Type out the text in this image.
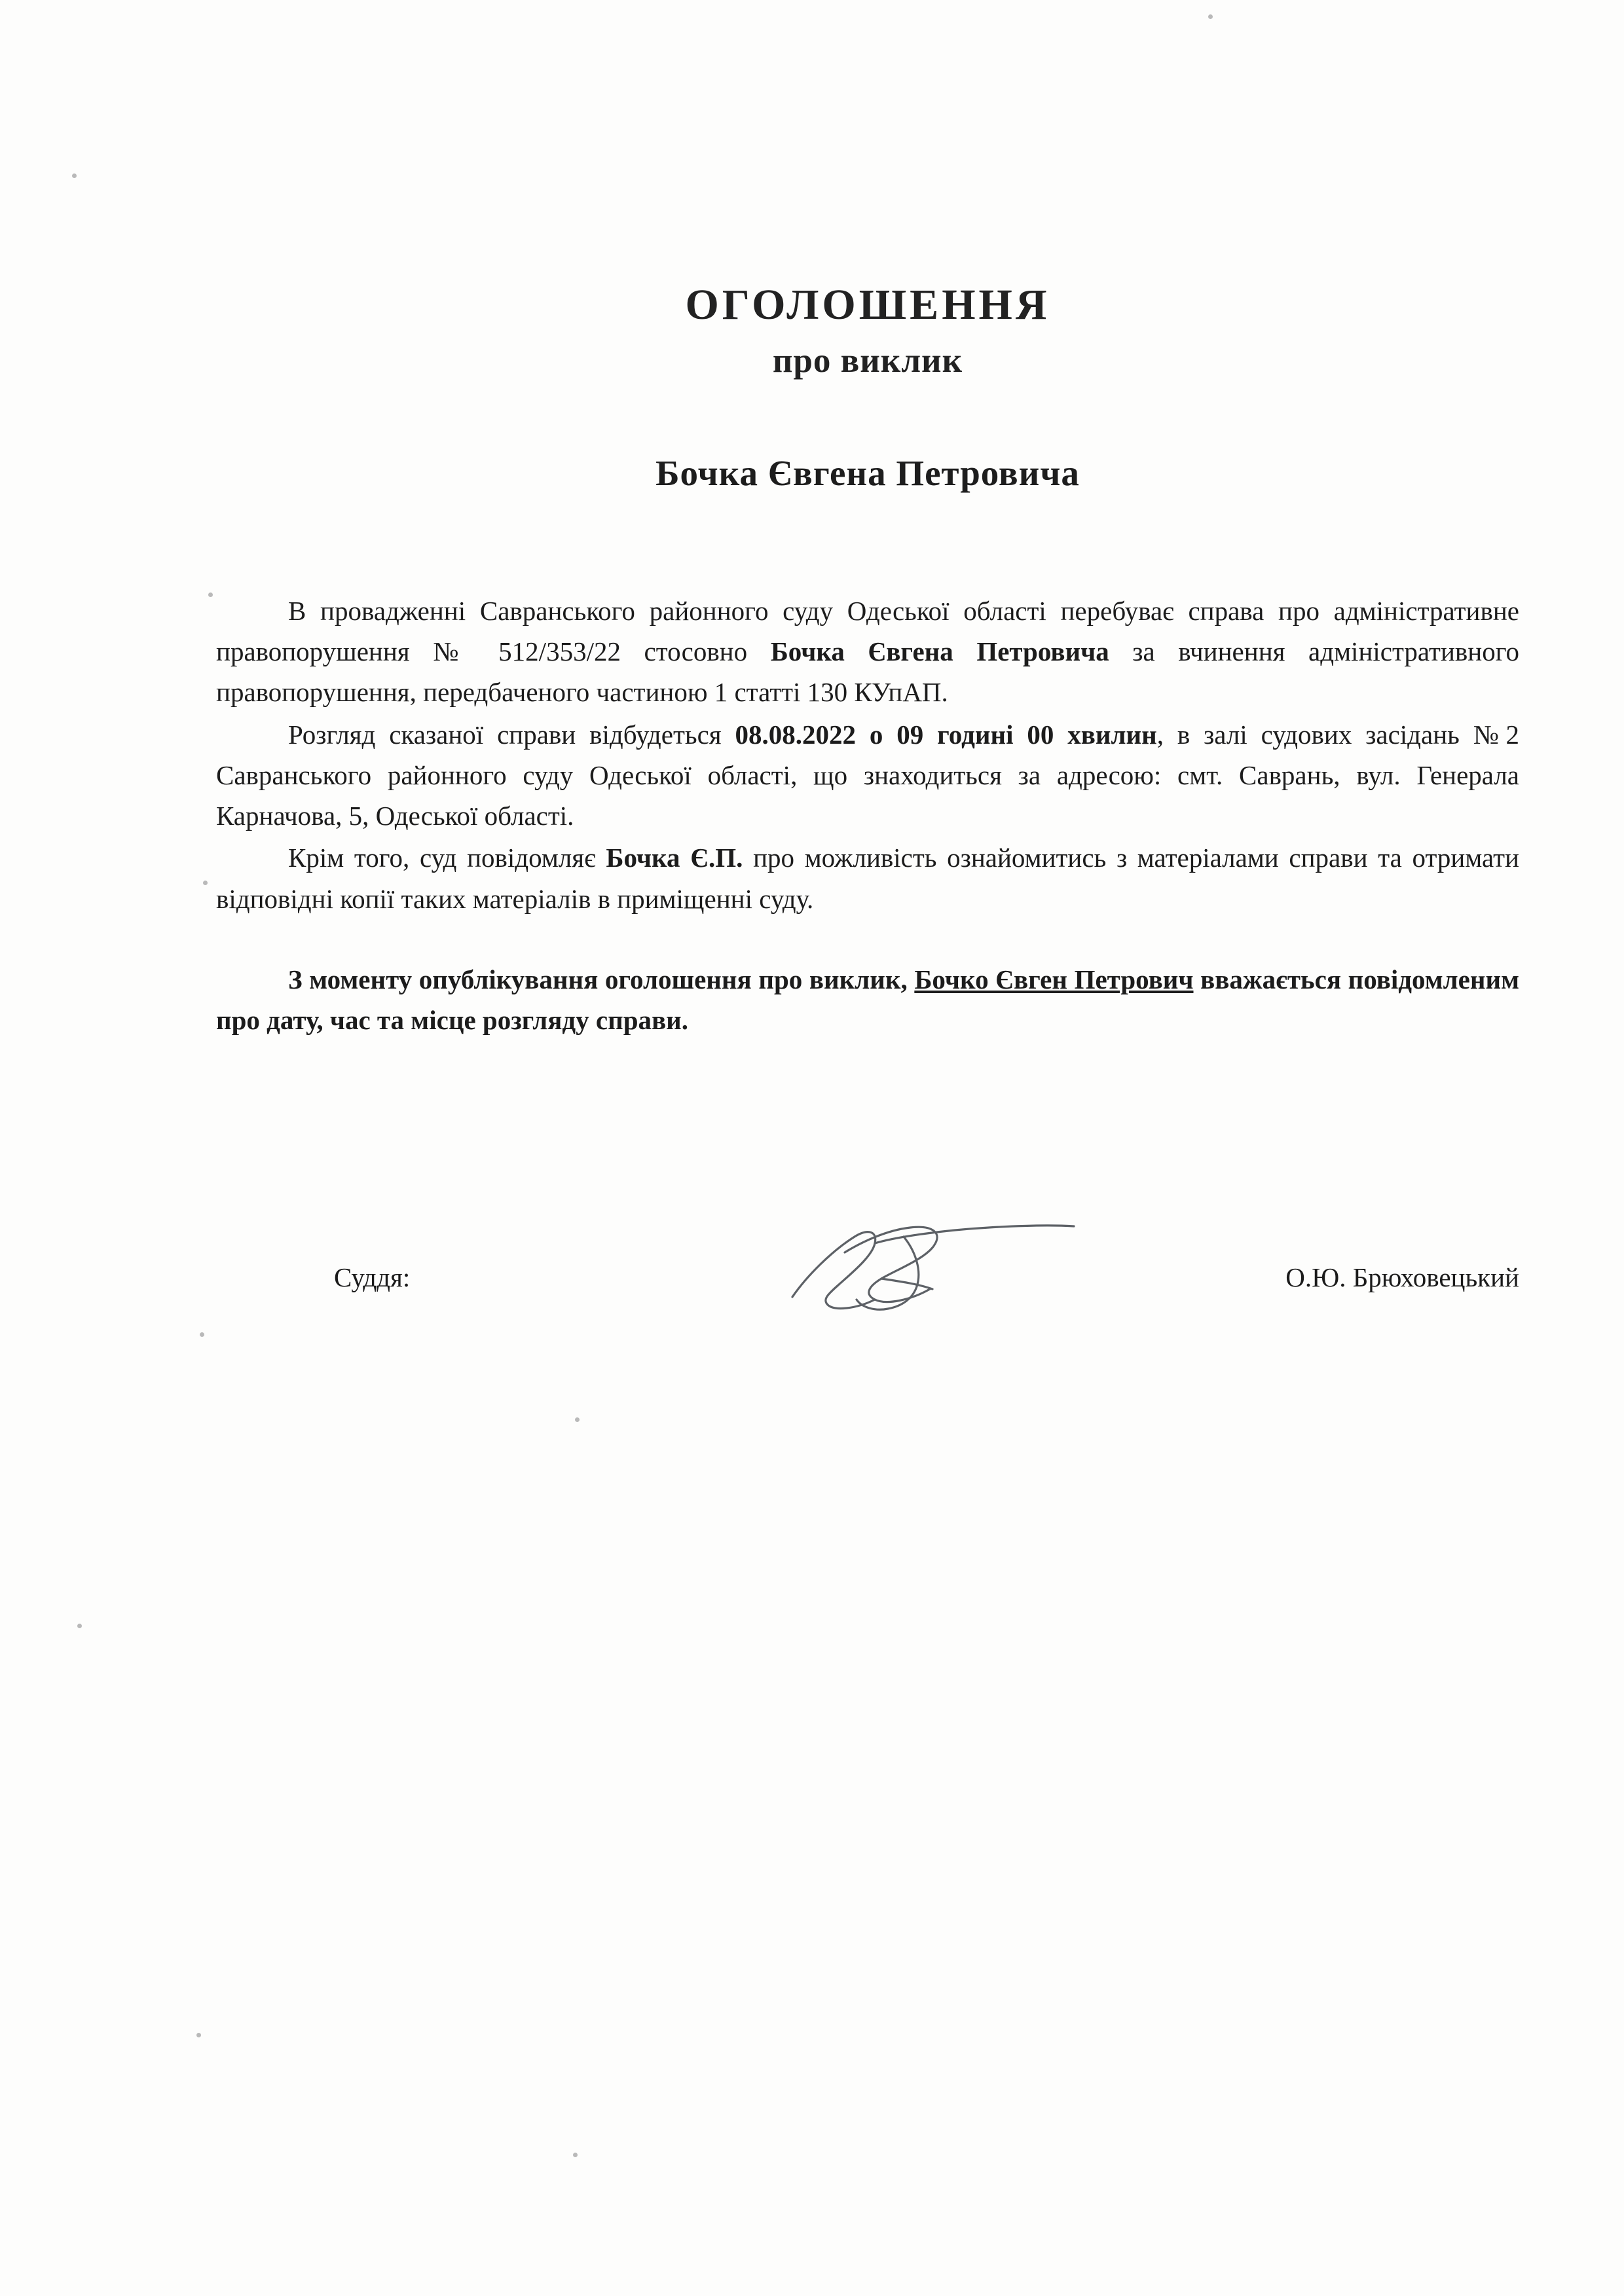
ОГОЛОШЕННЯ
про виклик
Бочка Євгена Петровича

В провадженні Савранського районного суду Одеської області перебуває справа про адміністративне правопорушення № 512/353/22 стосовно Бочка Євгена Петровича за вчинення адміністративного правопорушення, передбаченого частиною 1 статті 130 КУпАП.

Розгляд сказаної справи відбудеться 08.08.2022 о 09 годині 00 хвилин, в залі судових засідань №2 Савранського районного суду Одеської області, що знаходиться за адресою: смт. Саврань, вул. Генерала Карначова, 5, Одеської області.

Крім того, суд повідомляє Бочка Є.П. про можливість ознайомитись з матеріалами справи та отримати відповідні копії таких матеріалів в приміщенні суду.

З моменту опублікування оголошення про виклик, Бочко Євген Петрович вважається повідомленим про дату, час та місце розгляду справи.

Суддя:	О.Ю. Брюховецький
